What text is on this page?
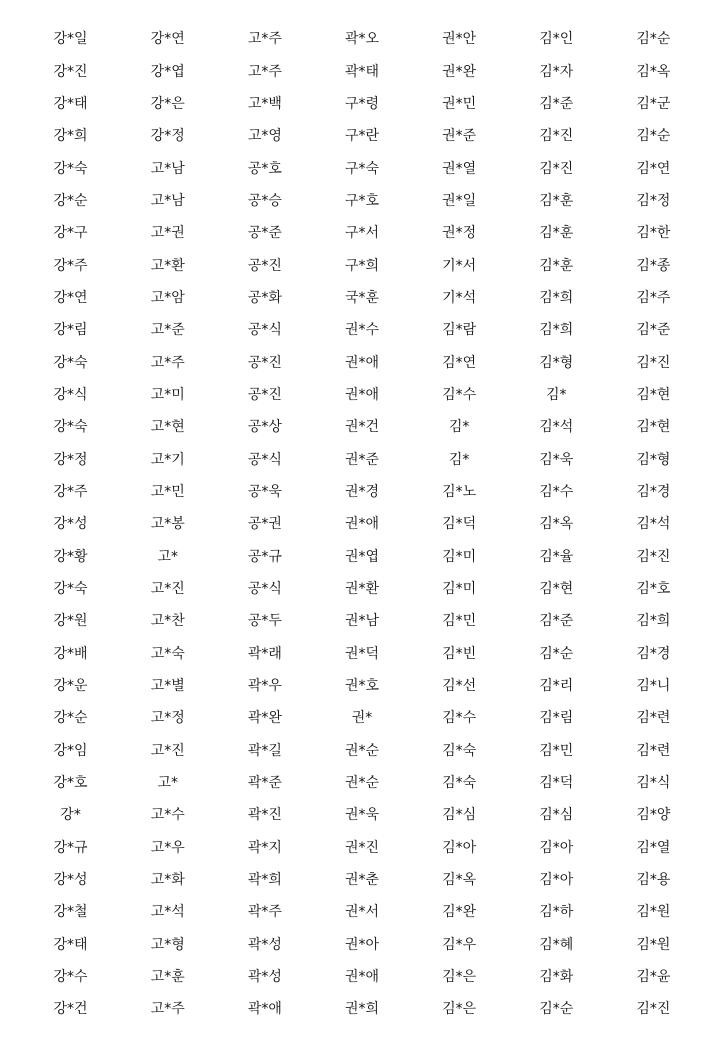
강*일	강*연	고*주	곽*오	권*안	김*인	김*순
강*진	강*엽	고*주	곽*태	권*완	김*자	김*옥
강*태	강*은	고*백	구*령	권*민	김*준	김*군
강*희	강*정	고*영	구*란	권*준	김*진	김*순
강*숙	고*남	공*호	구*숙	권*열	김*진	김*연
강*순	고*남	공*승	구*호	권*일	김*훈	김*정
강*구	고*권	공*준	구*서	권*정	김*훈	김*한
강*주	고*환	공*진	구*희	기*서	김*훈	김*종
강*연	고*암	공*화	국*훈	기*석	김*희	김*주
강*림	고*준	공*식	권*수	김*람	김*희	김*준
강*숙	고*주	공*진	권*애	김*연	김*형	김*진
강*식	고*미	공*진	권*애	김*수	김*	김*현
강*숙	고*현	공*상	권*건	김*	김*석	김*현
강*정	고*기	공*식	권*준	김*	김*욱	김*형
강*주	고*민	공*욱	권*경	김*노	김*수	김*경
강*성	고*봉	공*권	권*애	김*덕	김*옥	김*석
강*황	고*	공*규	권*엽	김*미	김*율	김*진
강*숙	고*진	공*식	권*환	김*미	김*현	김*호
강*원	고*찬	공*두	권*남	김*민	김*준	김*희
강*배	고*숙	곽*래	권*덕	김*빈	김*순	김*경
강*운	고*별	곽*우	권*호	김*선	김*리	김*니
강*순	고*정	곽*완	권*	김*수	김*림	김*련
강*임	고*진	곽*길	권*순	김*숙	김*민	김*련
강*호	고*	곽*준	권*순	김*숙	김*덕	김*식
강*	고*수	곽*진	권*욱	김*심	김*심	김*양
강*규	고*우	곽*지	권*진	김*아	김*아	김*열
강*성	고*화	곽*희	권*춘	김*옥	김*아	김*용
강*철	고*석	곽*주	권*서	김*완	김*하	김*원
강*태	고*형	곽*성	권*아	김*우	김*혜	김*원
강*수	고*훈	곽*성	권*애	김*은	김*화	김*윤
강*건	고*주	곽*애	권*희	김*은	김*순	김*진
